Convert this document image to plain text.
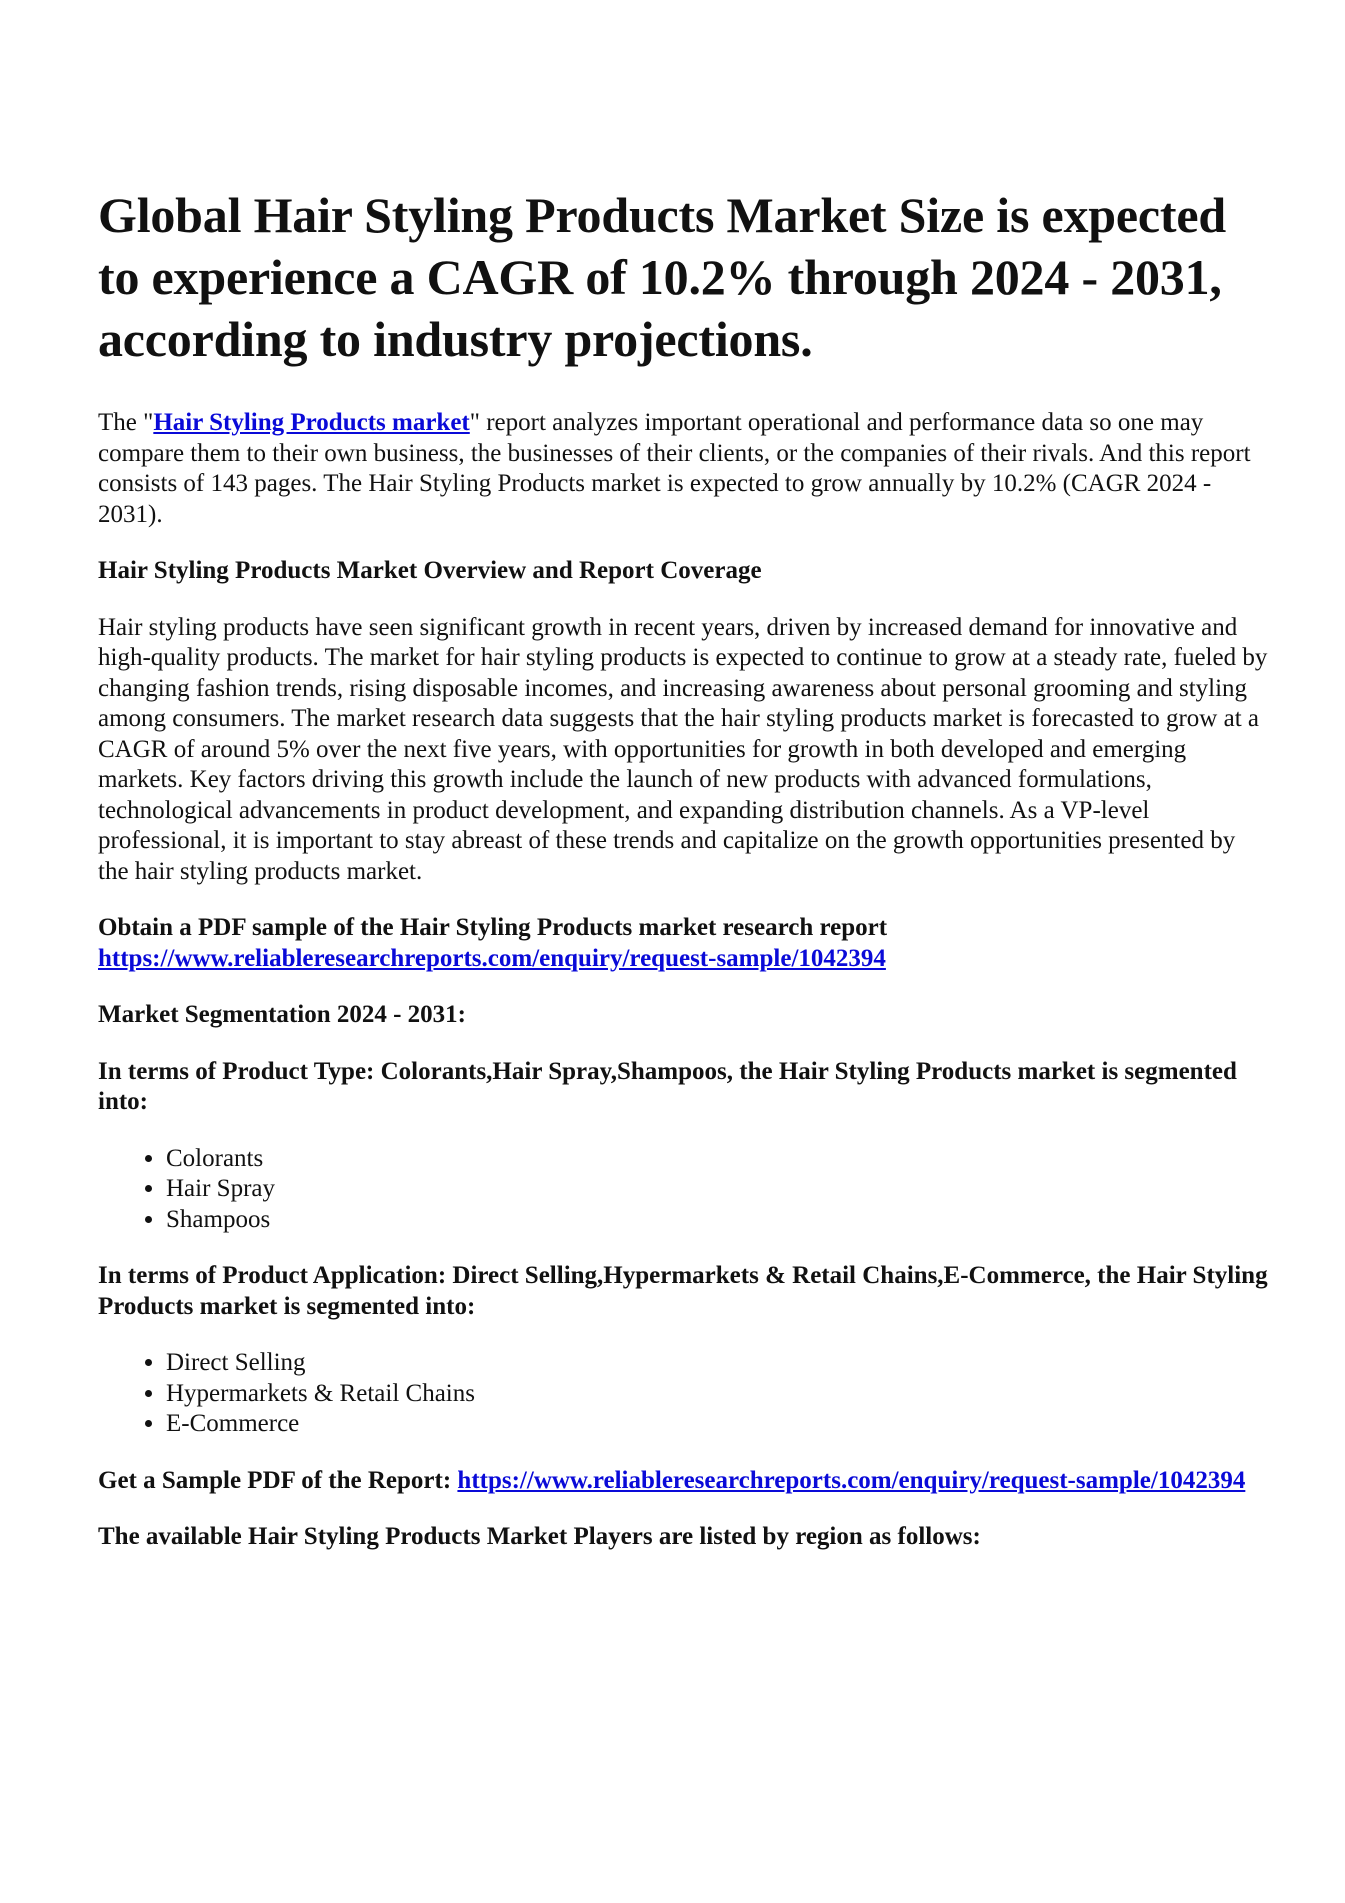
Global Hair Styling Products Market Size is expected to experience a CAGR of 10.2% through 2024 - 2031, according to industry projections.

The "Hair Styling Products market" report analyzes important operational and performance data so one may compare them to their own business, the businesses of their clients, or the companies of their rivals. And this report consists of 143 pages. The Hair Styling Products market is expected to grow annually by 10.2% (CAGR 2024 - 2031).

Hair Styling Products Market Overview and Report Coverage

Hair styling products have seen significant growth in recent years, driven by increased demand for innovative and high-quality products. The market for hair styling products is expected to continue to grow at a steady rate, fueled by changing fashion trends, rising disposable incomes, and increasing awareness about personal grooming and styling among consumers. The market research data suggests that the hair styling products market is forecasted to grow at a CAGR of around 5% over the next five years, with opportunities for growth in both developed and emerging markets. Key factors driving this growth include the launch of new products with advanced formulations, technological advancements in product development, and expanding distribution channels. As a VP-level professional, it is important to stay abreast of these trends and capitalize on the growth opportunities presented by the hair styling products market.

Obtain a PDF sample of the Hair Styling Products market research report https://www.reliableresearchreports.com/enquiry/request-sample/1042394

Market Segmentation 2024 - 2031:
In terms of Product Type: Colorants,Hair Spray,Shampoos, the Hair Styling Products market is segmented into:
• Colorants
• Hair Spray
• Shampoos
In terms of Product Application: Direct Selling,Hypermarkets & Retail Chains,E-Commerce, the Hair Styling Products market is segmented into:
• Direct Selling
• Hypermarkets & Retail Chains
• E-Commerce

Get a Sample PDF of the Report: https://www.reliableresearchreports.com/enquiry/request-sample/1042394

The available Hair Styling Products Market Players are listed by region as follows:
